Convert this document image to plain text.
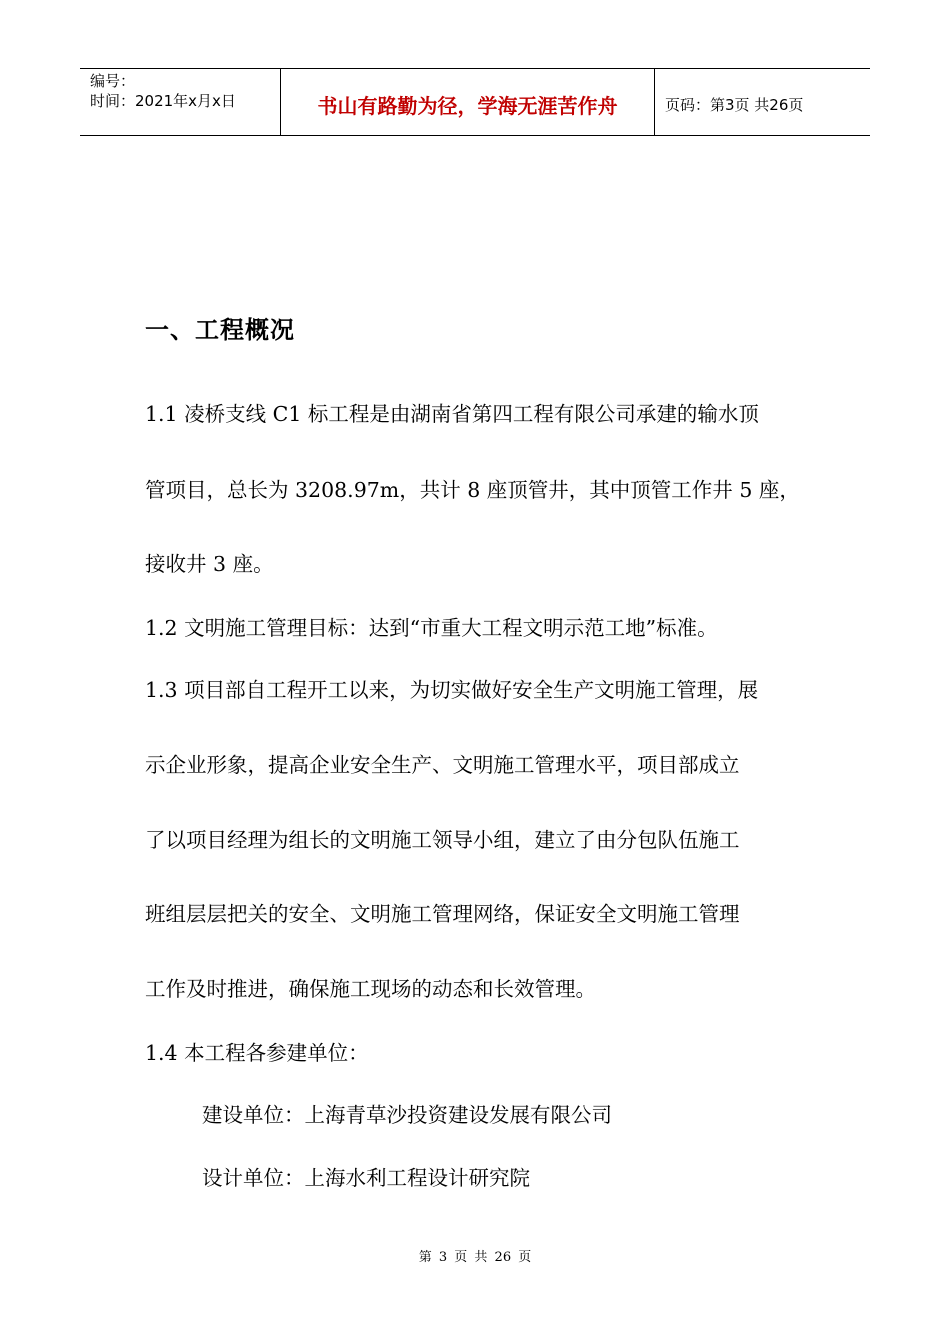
编号：
时间：2021年x月x日	书山有路勤为径，学海无涯苦作舟	页码：第3页 共26页
一、工程概况
1.1 凌桥支线 C1 标工程是由湖南省第四工程有限公司承建的输水顶
管项目，总长为 3208.97m，共计 8 座顶管井，其中顶管工作井 5 座，
接收井 3 座。
1.2 文明施工管理目标：达到“市重大工程文明示范工地”标准。
1.3 项目部自工程开工以来，为切实做好安全生产文明施工管理，展
示企业形象，提高企业安全生产、文明施工管理水平，项目部成立
了以项目经理为组长的文明施工领导小组，建立了由分包队伍施工
班组层层把关的安全、文明施工管理网络，保证安全文明施工管理
工作及时推进，确保施工现场的动态和长效管理。
1.4 本工程各参建单位：
建设单位：上海青草沙投资建设发展有限公司
设计单位：上海水利工程设计研究院
第 3 页 共 26 页
